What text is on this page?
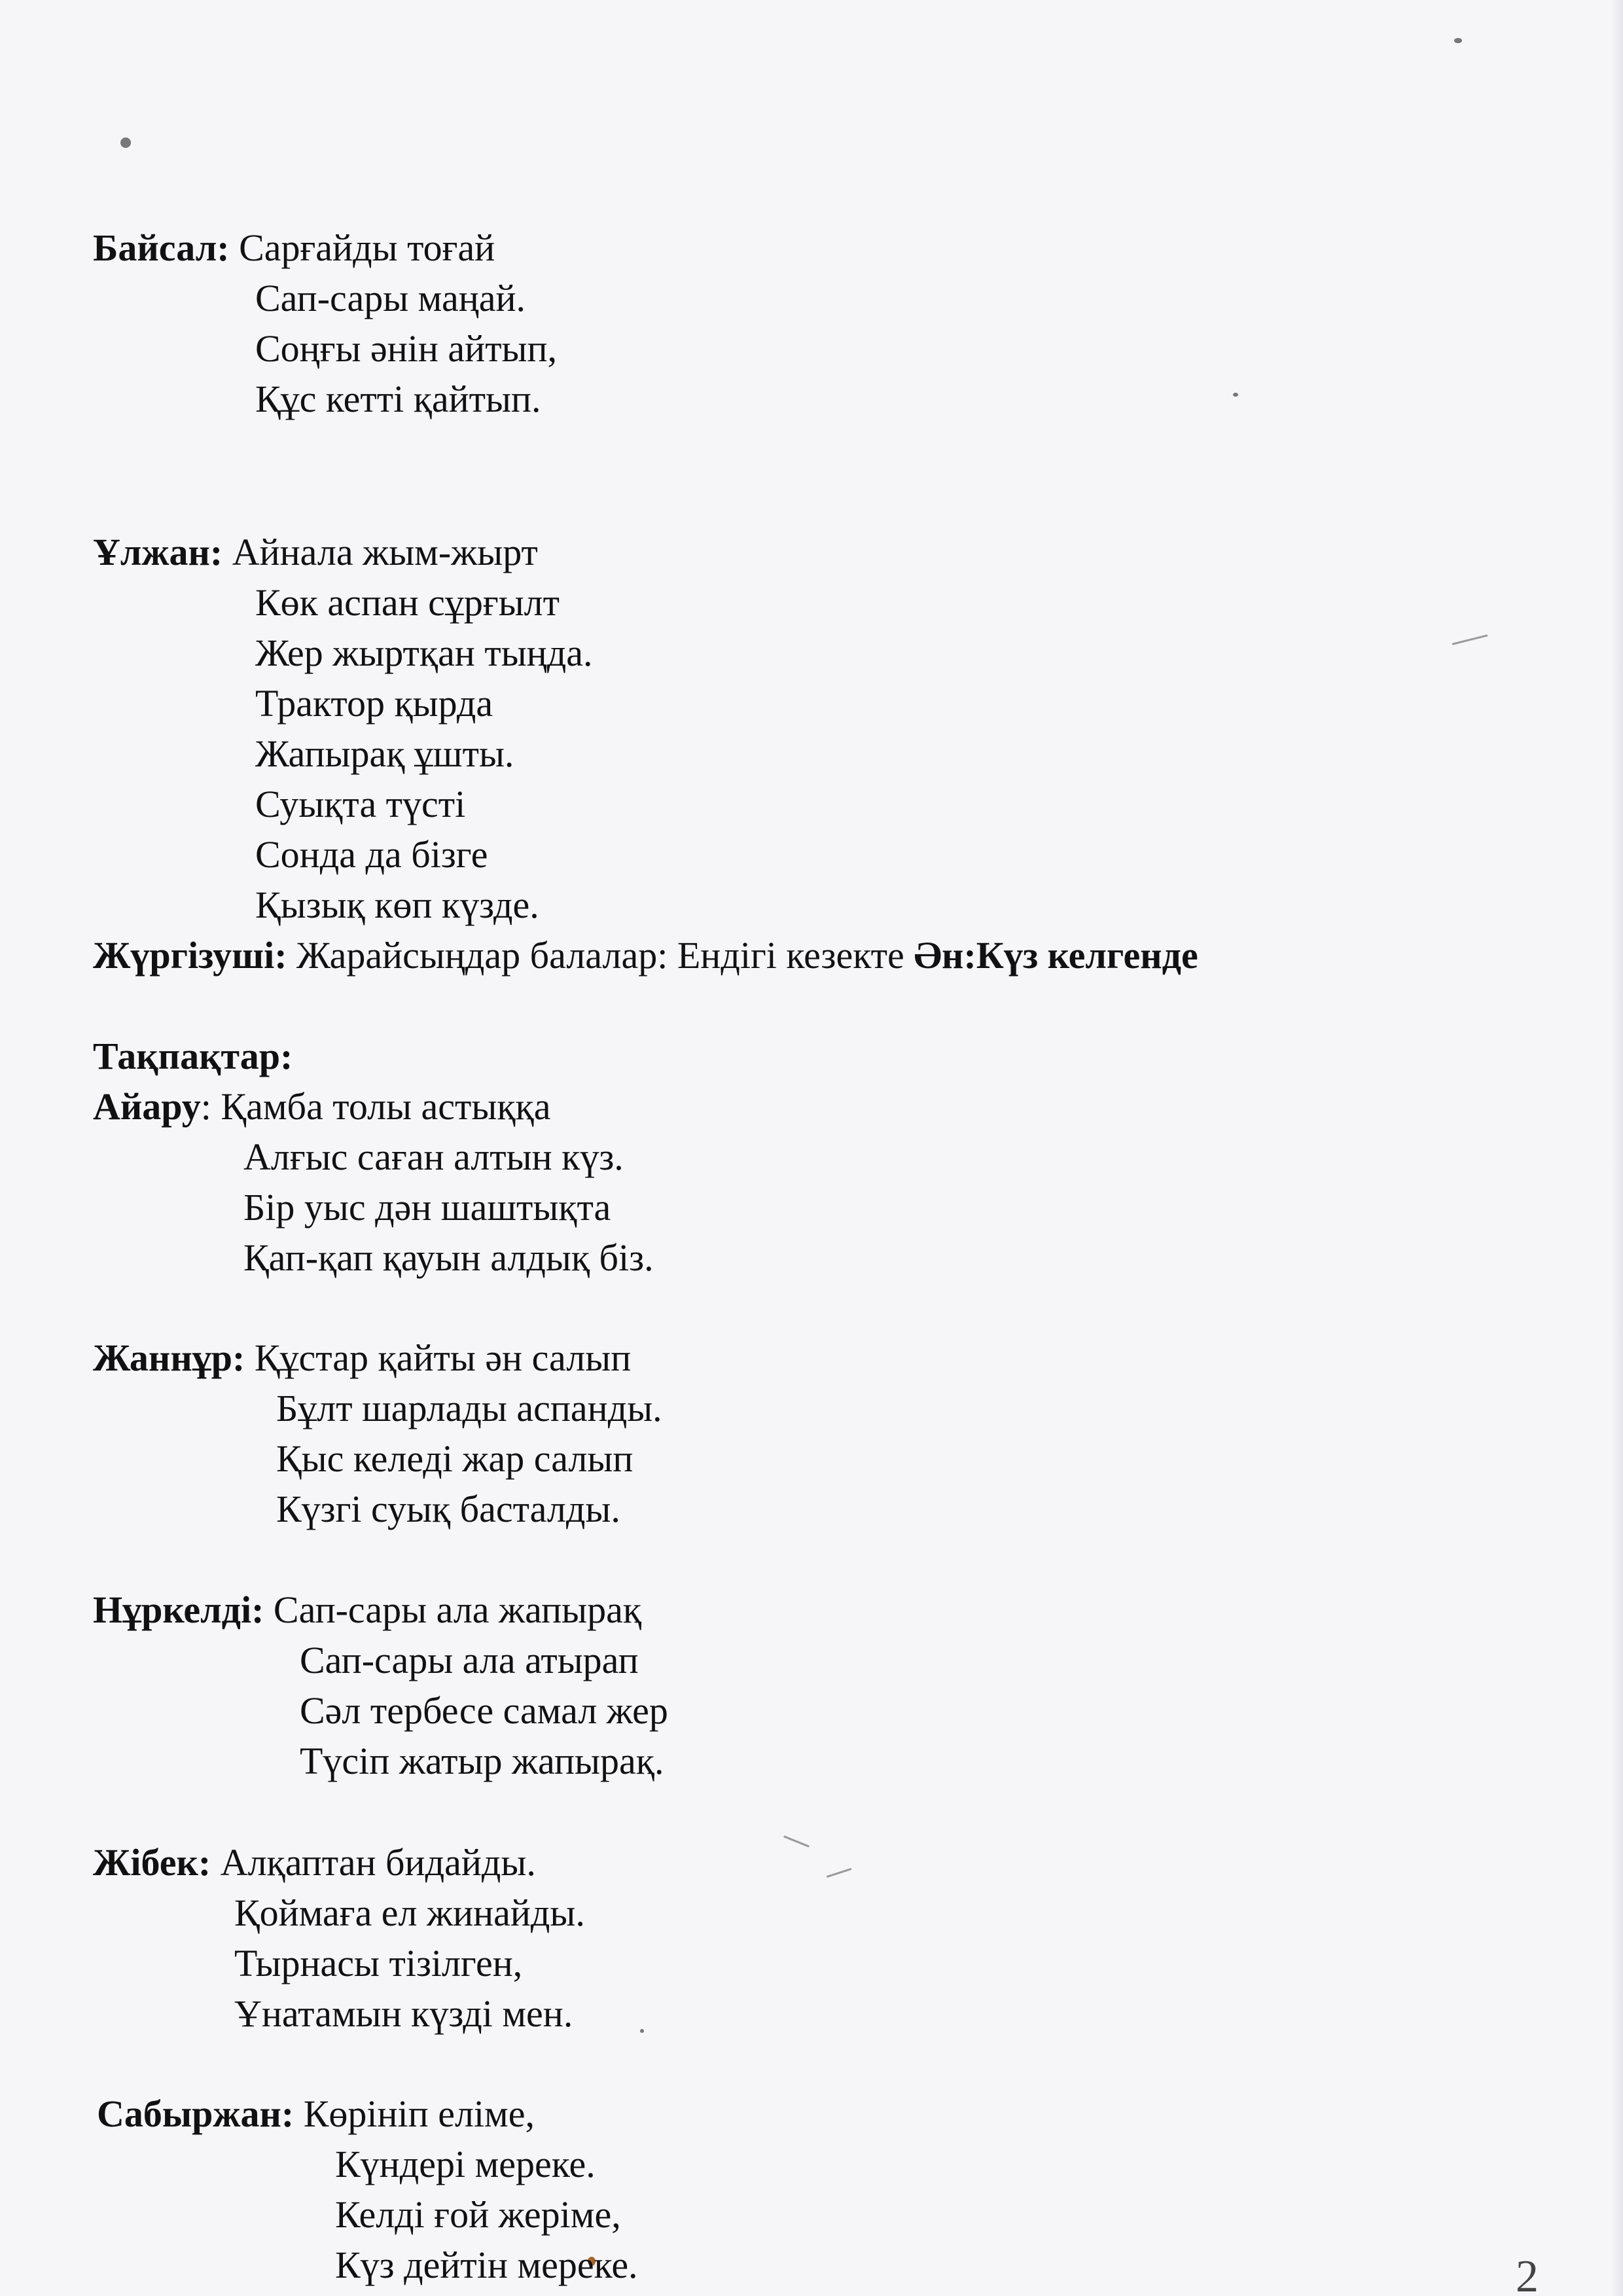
Байсал: Сарғайды тоғай
Сап-сары маңай.
Соңғы әнін айтып,
Құс кетті қайтып.
Ұлжан: Айнала жым-жырт
Көк аспан сұрғылт
Жер жыртқан тыңда.
Трактор қырда
Жапырақ ұшты.
Суықта түсті
Сонда да бізге
Қызық көп күзде.
Жүргізуші: Жарайсыңдар балалар: Ендігі кезекте Ән:Күз келгенде
Тақпақтар:
Айару: Қамба толы астыққа
Алғыс саған алтын күз.
Бір уыс дән шаштықта
Қап-қап қауын алдық біз.
Жаннұр: Құстар қайты ән салып
Бұлт шарлады аспанды.
Қыс келеді жар салып
Күзгі суық басталды.
Нұркелді: Сап-сары ала жапырақ
Сап-сары ала атырап
Сәл тербесе самал жер
Түсіп жатыр жапырақ.
Жібек: Алқаптан бидайды.
Қоймаға ел жинайды.
Тырнасы тізілген,
Ұнатамын күзді мен.
Сабыржан: Көрініп еліме,
Күндері мереке.
Келді ғой жеріме,
Күз дейтін мереке.	2
